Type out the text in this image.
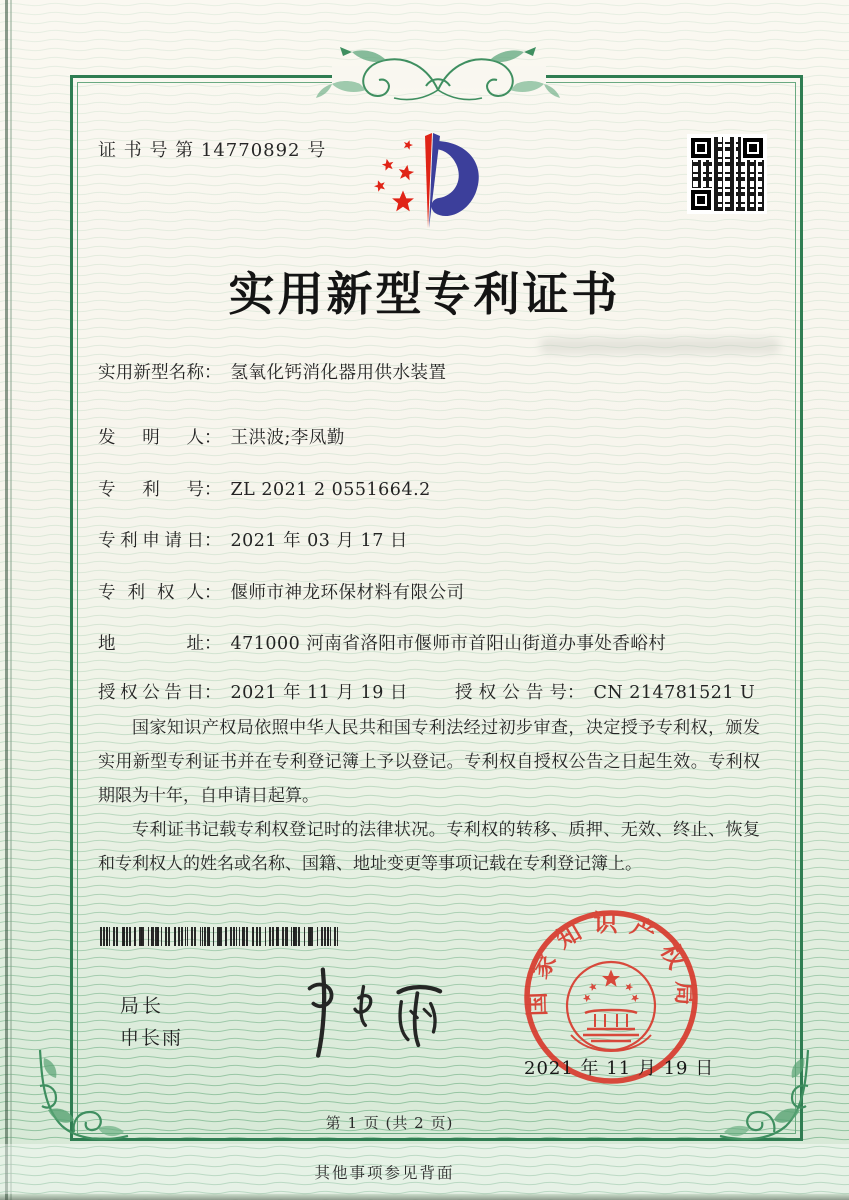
证 书 号 第 14770892 号
实用新型专利证书
实用新型名称： 氢氧化钙消化器用供水装置
发明人： 王洪波;李凤勤
专利号： ZL 2021 2 0551664.2
专利申请日： 2021 年 03 月 17 日
专利权人： 偃师市神龙环保材料有限公司
地址： 471000 河南省洛阳市偃师市首阳山街道办事处香峪村
授权公告日： 2021 年 11 月 19 日	授权公告号： CN 214781521 U

国家知识产权局依照中华人民共和国专利法经过初步审查，决定授予专利权，颁发实用新型专利证书并在专利登记簿上予以登记。专利权自授权公告之日起生效。专利权期限为十年，自申请日起算。

专利证书记载专利权登记时的法律状况。专利权的转移、质押、无效、终止、恢复和专利权人的姓名或名称、国籍、地址变更等事项记载在专利登记簿上。

局长
申长雨
国家知识产权局
2021 年 11 月 19 日
第 1 页 (共 2 页)
其他事项参见背面
